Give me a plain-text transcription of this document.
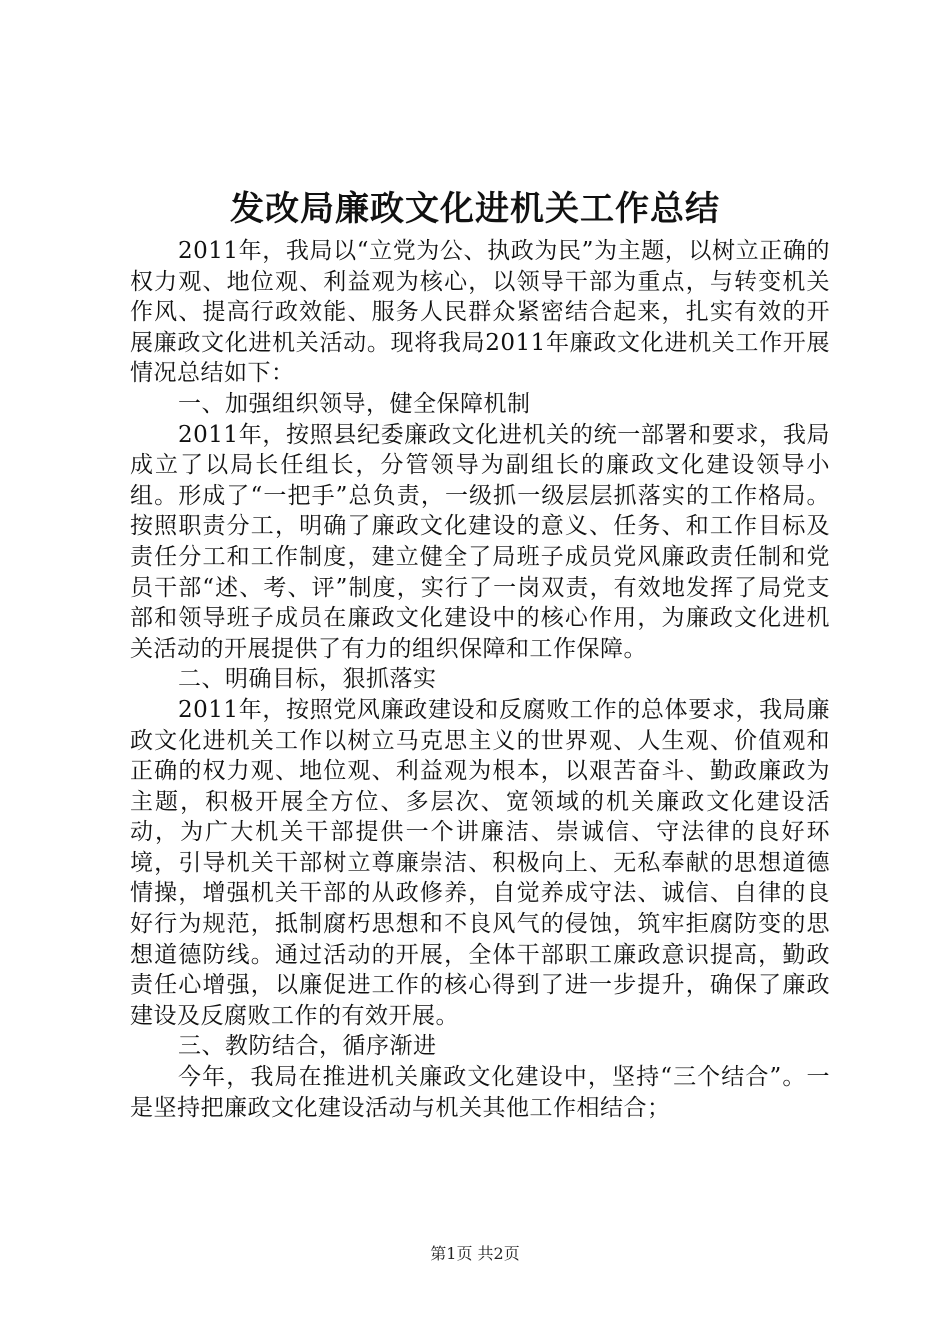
发改局廉政文化进机关工作总结

2011年，我局以“立党为公、执政为民”为主题，以树立正确的权力观、地位观、利益观为核心，以领导干部为重点，与转变机关作风、提高行政效能、服务人民群众紧密结合起来，扎实有效的开展廉政文化进机关活动。现将我局2011年廉政文化进机关工作开展情况总结如下：

一、加强组织领导，健全保障机制

2011年，按照县纪委廉政文化进机关的统一部署和要求，我局成立了以局长任组长，分管领导为副组长的廉政文化建设领导小组。形成了“一把手”总负责，一级抓一级层层抓落实的工作格局。按照职责分工，明确了廉政文化建设的意义、任务、和工作目标及责任分工和工作制度，建立健全了局班子成员党风廉政责任制和党员干部“述、考、评”制度，实行了一岗双责，有效地发挥了局党支部和领导班子成员在廉政文化建设中的核心作用，为廉政文化进机关活动的开展提供了有力的组织保障和工作保障。

二、明确目标，狠抓落实

2011年，按照党风廉政建设和反腐败工作的总体要求，我局廉政文化进机关工作以树立马克思主义的世界观、人生观、价值观和正确的权力观、地位观、利益观为根本，以艰苦奋斗、勤政廉政为主题，积极开展全方位、多层次、宽领域的机关廉政文化建设活动，为广大机关干部提供一个讲廉洁、崇诚信、守法律的良好环境，引导机关干部树立尊廉崇洁、积极向上、无私奉献的思想道德情操，增强机关干部的从政修养，自觉养成守法、诚信、自律的良好行为规范，抵制腐朽思想和不良风气的侵蚀，筑牢拒腐防变的思想道德防线。通过活动的开展，全体干部职工廉政意识提高，勤政责任心增强，以廉促进工作的核心得到了进一步提升，确保了廉政建设及反腐败工作的有效开展。

三、教防结合，循序渐进

今年，我局在推进机关廉政文化建设中，坚持“三个结合”。一是坚持把廉政文化建设活动与机关其他工作相结合；

第1页 共2页
